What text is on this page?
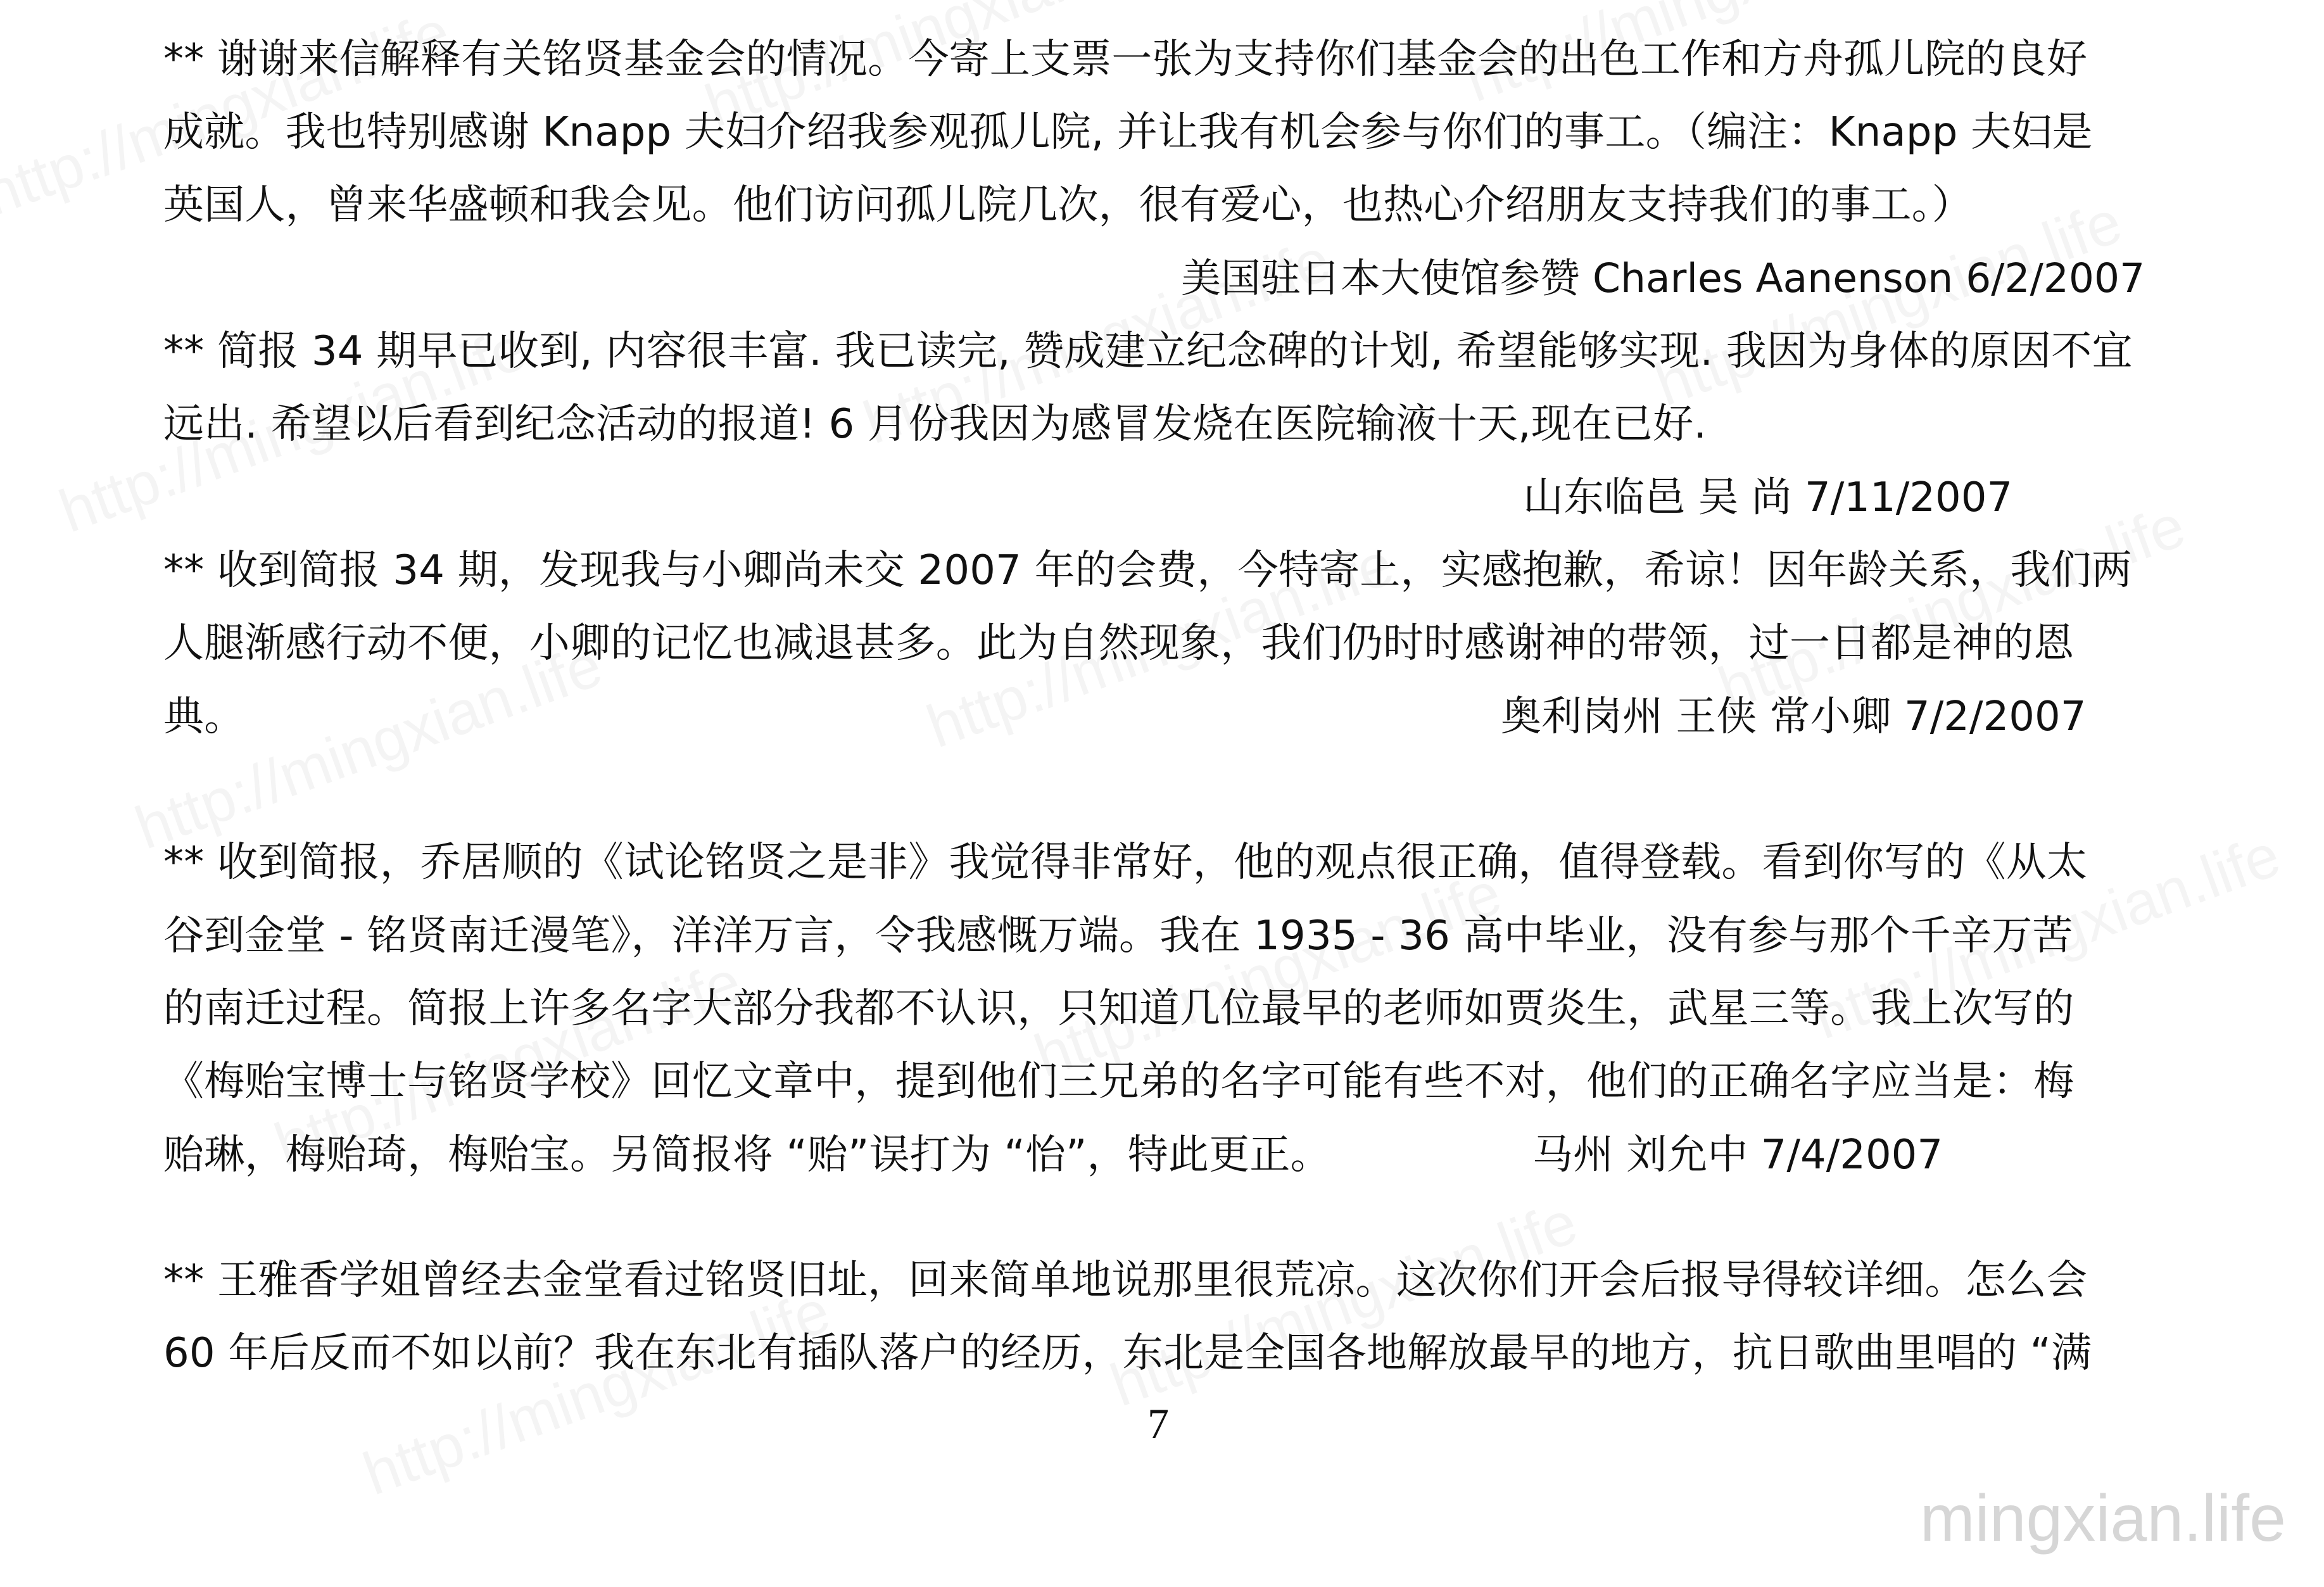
** 谢谢来信解释有关铭贤基金会的情况。今寄上支票一张为支持你们基金会的出色工作和方舟孤儿院的良好
成就。我也特别感谢 Knapp 夫妇介绍我参观孤儿院, 并让我有机会参与你们的事工。（编注：Knapp 夫妇是
英国人，曾来华盛顿和我会见。他们访问孤儿院几次，很有爱心，也热心介绍朋友支持我们的事工。）
美国驻日本大使馆参赞 Charles Aanenson 6/2/2007
** 简报 34 期早已收到, 内容很丰富. 我已读完, 赞成建立纪念碑的计划, 希望能够实现. 我因为身体的原因不宜
远出. 希望以后看到纪念活动的报道! 6 月份我因为感冒发烧在医院输液十天,现在已好.
山东临邑 吴 尚 7/11/2007
** 收到简报 34 期，发现我与小卿尚未交 2007 年的会费，今特寄上，实感抱歉，希谅！因年龄关系，我们两
人腿渐感行动不便，小卿的记忆也减退甚多。此为自然现象，我们仍时时感谢神的带领，过一日都是神的恩
典。	奥利岗州 王侠 常小卿 7/2/2007
** 收到简报，乔居顺的《试论铭贤之是非》我觉得非常好，他的观点很正确，值得登载。看到你写的《从太
谷到金堂 - 铭贤南迁漫笔》，洋洋万言，令我感慨万端。我在 1935 - 36 高中毕业，没有参与那个千辛万苦
的南迁过程。简报上许多名字大部分我都不认识，只知道几位最早的老师如贾炎生，武星三等。我上次写的
《梅贻宝博士与铭贤学校》回忆文章中，提到他们三兄弟的名字可能有些不对，他们的正确名字应当是：梅
贻琳，梅贻琦，梅贻宝。另简报将 “贻”误打为 “怡”，特此更正。	马州 刘允中 7/4/2007
** 王雅香学姐曾经去金堂看过铭贤旧址，回来简单地说那里很荒凉。这次你们开会后报导得较详细。怎么会
60 年后反而不如以前？我在东北有插队落户的经历，东北是全国各地解放最早的地方，抗日歌曲里唱的 “满
7
mingxian.life
